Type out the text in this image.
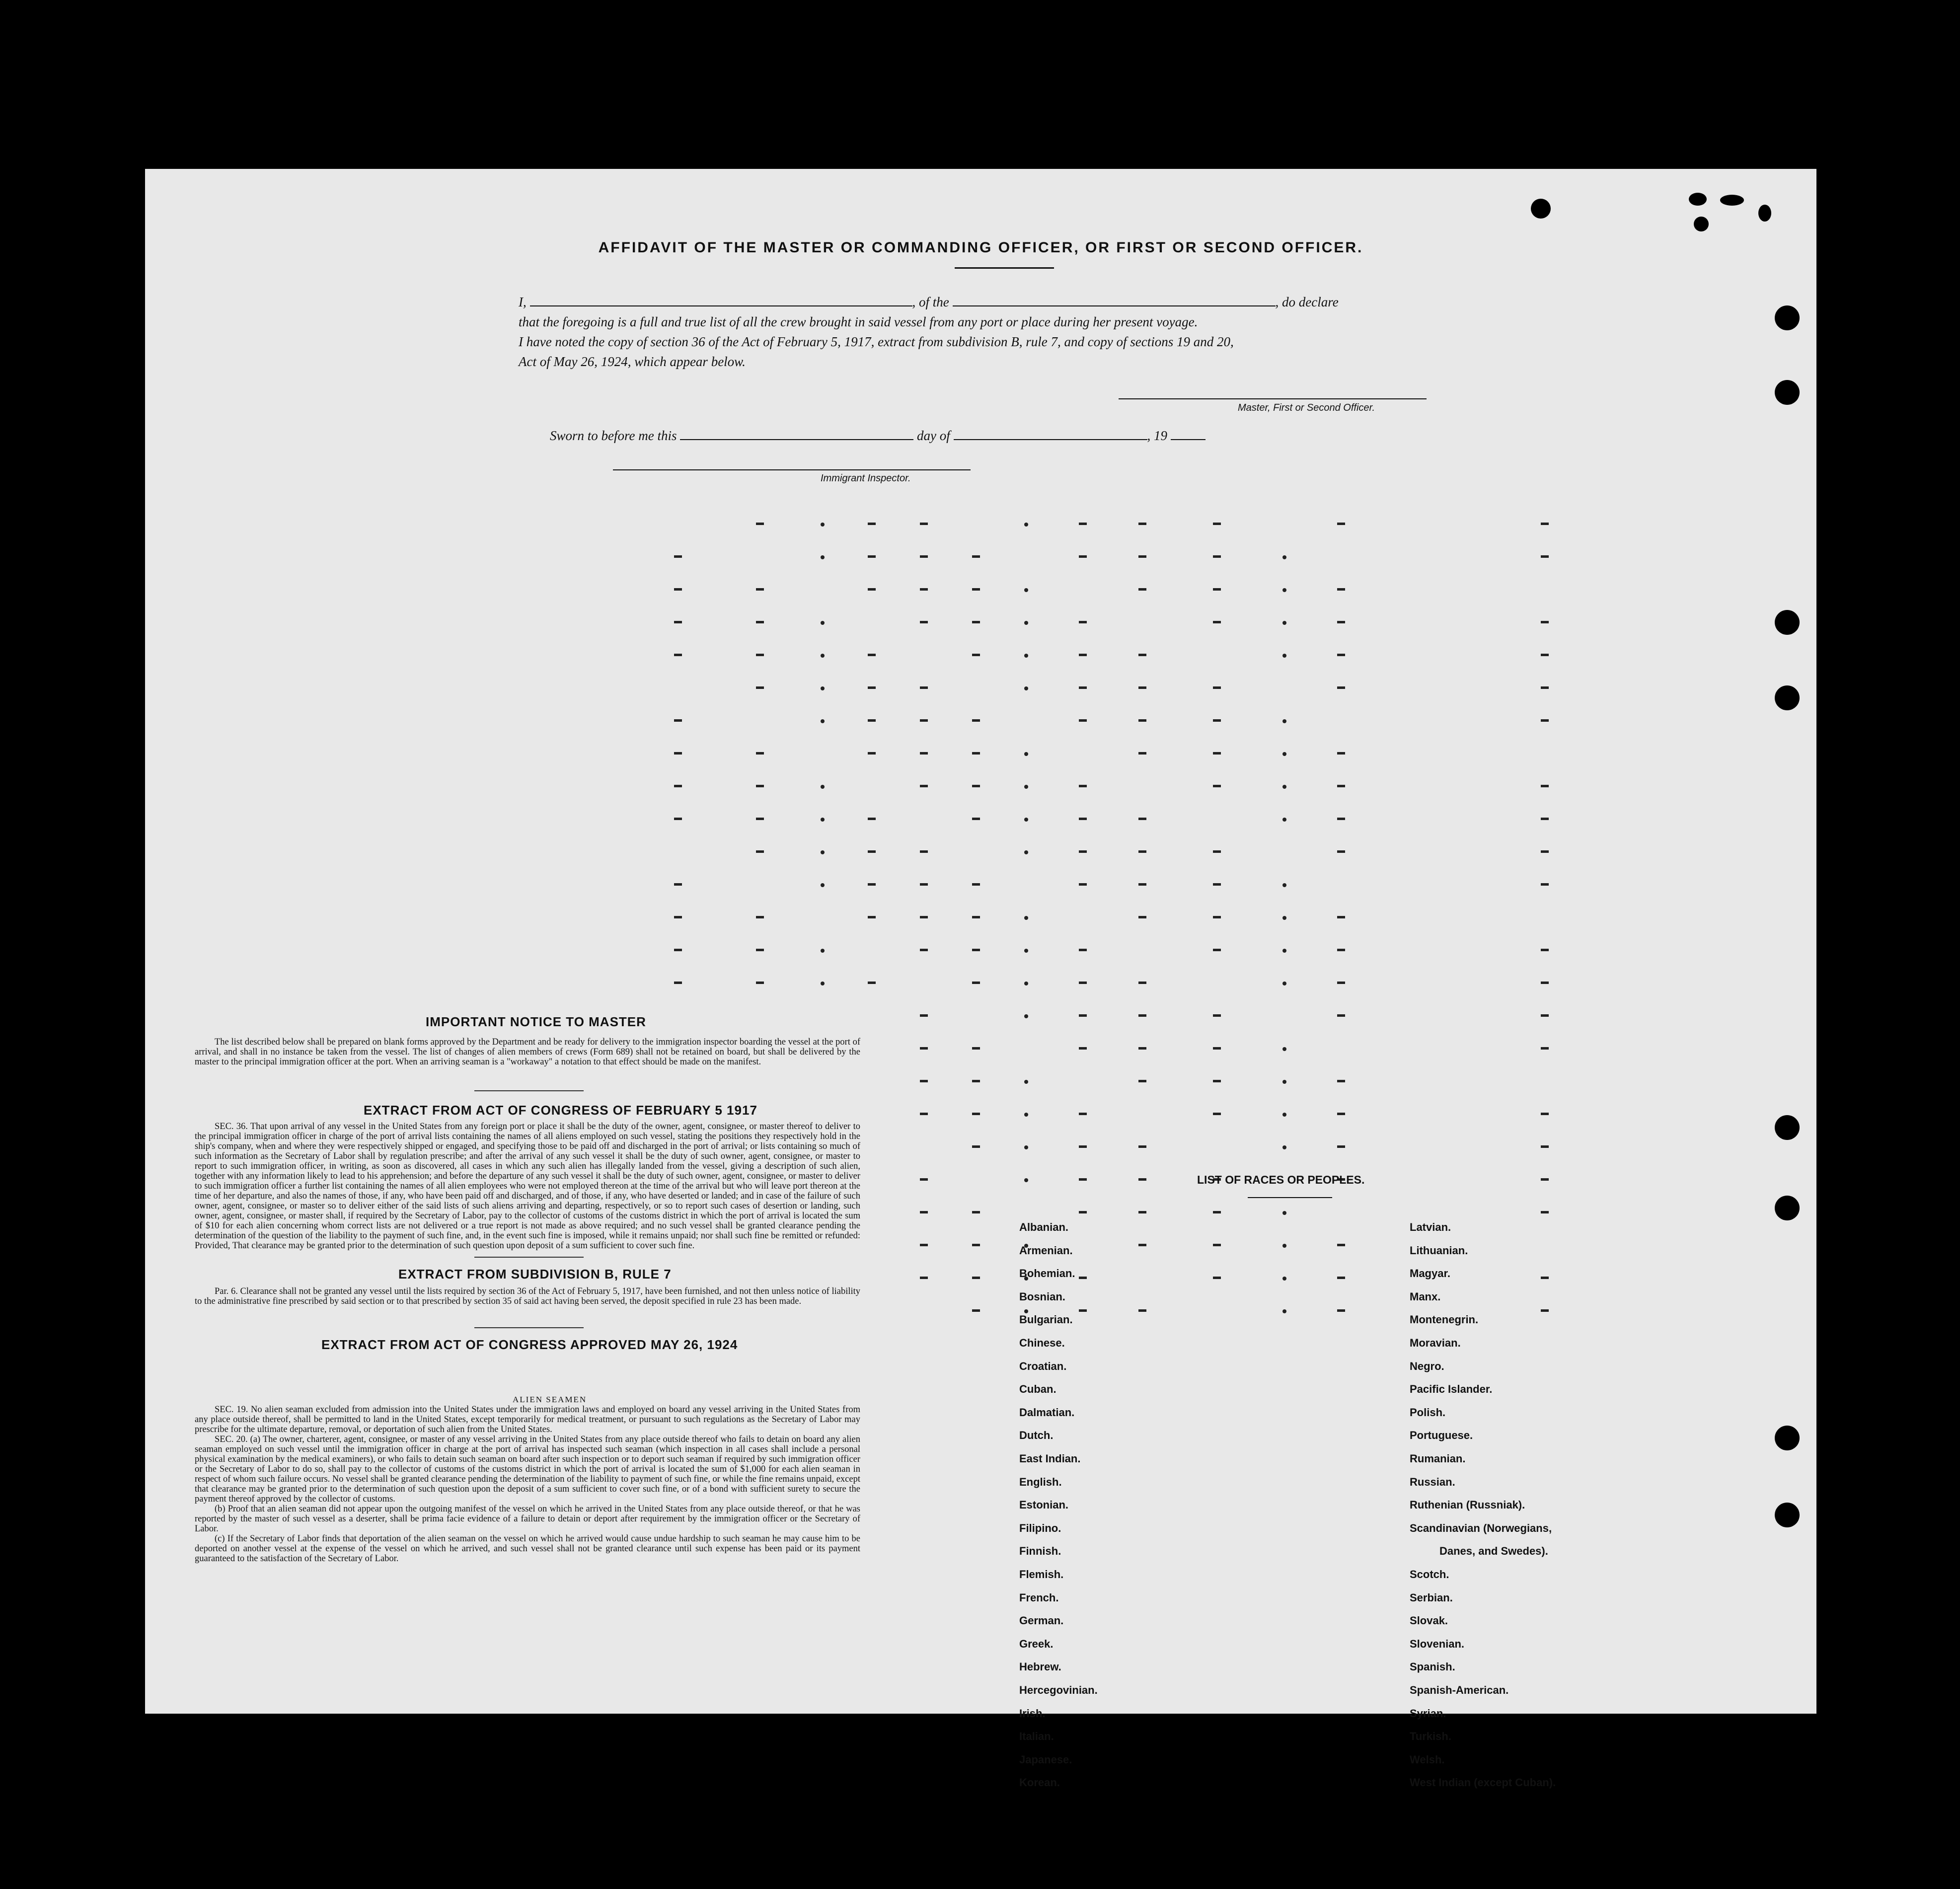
AFFIDAVIT OF THE MASTER OR COMMANDING OFFICER, OR FIRST OR SECOND OFFICER.
I,	, of the	, do declare
that the foregoing is a full and true list of all the crew brought in said vessel from any port or place during her present voyage.
I have noted the copy of section 36 of the Act of February 5, 1917, extract from subdivision B, rule 7, and copy of sections 19 and 20,
Act of May 26, 1924, which appear below.
Master, First or Second Officer.
Sworn to before me this	day of	, 19
Immigrant Inspector.
IMPORTANT NOTICE TO MASTER

The list described below shall be prepared on blank forms approved by the Department and be ready for delivery to the immigration inspector boarding the vessel at the port of arrival, and shall in no instance be taken from the vessel. The list of changes of alien members of crews (Form 689) shall not be retained on board, but shall be delivered by the master to the principal immigration officer at the port. When an arriving seaman is a "workaway" a notation to that effect should be made on the manifest.

EXTRACT FROM ACT OF CONGRESS OF FEBRUARY 5 1917

SEC. 36. That upon arrival of any vessel in the United States from any foreign port or place it shall be the duty of the owner, agent, consignee, or master thereof to deliver to the principal immigration officer in charge of the port of arrival lists containing the names of all aliens employed on such vessel, stating the positions they respectively hold in the ship's company, when and where they were respectively shipped or engaged, and specifying those to be paid off and discharged in the port of arrival; or lists containing so much of such information as the Secretary of Labor shall by regulation prescribe; and after the arrival of any such vessel it shall be the duty of such owner, agent, consignee, or master to report to such immigration officer, in writing, as soon as discovered, all cases in which any such alien has illegally landed from the vessel, giving a description of such alien, together with any information likely to lead to his apprehension; and before the departure of any such vessel it shall be the duty of such owner, agent, consignee, or master to deliver to such immigration officer a further list containing the names of all alien employees who were not employed thereon at the time of the arrival but who will leave port thereon at the time of her departure, and also the names of those, if any, who have been paid off and discharged, and of those, if any, who have deserted or landed; and in case of the failure of such owner, agent, consignee, or master so to deliver either of the said lists of such aliens arriving and departing, respectively, or so to report such cases of desertion or landing, such owner, agent, consignee, or master shall, if required by the Secretary of Labor, pay to the collector of customs of the customs district in which the port of arrival is located the sum of $10 for each alien concerning whom correct lists are not delivered or a true report is not made as above required; and no such vessel shall be granted clearance pending the determination of the question of the liability to the payment of such fine, and, in the event such fine is imposed, while it remains unpaid; nor shall such fine be remitted or refunded: Provided, That clearance may be granted prior to the determination of such question upon deposit of a sum sufficient to cover such fine.

EXTRACT FROM SUBDIVISION B, RULE 7

Par. 6. Clearance shall not be granted any vessel until the lists required by section 36 of the Act of February 5, 1917, have been furnished, and not then unless notice of liability to the administrative fine prescribed by said section or to that prescribed by section 35 of said act having been served, the deposit specified in rule 23 has been made.

EXTRACT FROM ACT OF CONGRESS APPROVED MAY 26, 1924
ALIEN SEAMEN

SEC. 19. No alien seaman excluded from admission into the United States under the immigration laws and employed on board any vessel arriving in the United States from any place outside thereof, shall be permitted to land in the United States, except temporarily for medical treatment, or pursuant to such regulations as the Secretary of Labor may prescribe for the ultimate departure, removal, or deportation of such alien from the United States.

SEC. 20. (a) The owner, charterer, agent, consignee, or master of any vessel arriving in the United States from any place outside thereof who fails to detain on board any alien seaman employed on such vessel until the immigration officer in charge at the port of arrival has inspected such seaman (which inspection in all cases shall include a personal physical examination by the medical examiners), or who fails to detain such seaman on board after such inspection or to deport such seaman if required by such immigration officer or the Secretary of Labor to do so, shall pay to the collector of customs of the customs district in which the port of arrival is located the sum of $1,000 for each alien seaman in respect of whom such failure occurs. No vessel shall be granted clearance pending the determination of the liability to payment of such fine, or while the fine remains unpaid, except that clearance may be granted prior to the determination of such question upon the deposit of a sum sufficient to cover such fine, or of a bond with sufficient surety to secure the payment thereof approved by the collector of customs.

(b) Proof that an alien seaman did not appear upon the outgoing manifest of the vessel on which he arrived in the United States from any place outside thereof, or that he was reported by the master of such vessel as a deserter, shall be prima facie evidence of a failure to detain or deport after requirement by the immigration officer or the Secretary of Labor.

(c) If the Secretary of Labor finds that deportation of the alien seaman on the vessel on which he arrived would cause undue hardship to such seaman he may cause him to be deported on another vessel at the expense of the vessel on which he arrived, and such vessel shall not be granted clearance until such expense has been paid or its payment guaranteed to the satisfaction of the Secretary of Labor.

LIST OF RACES OR PEOPLES.
Albanian.
Armenian.
Bohemian.
Bosnian.
Bulgarian.
Chinese.
Croatian.
Cuban.
Dalmatian.
Dutch.
East Indian.
English.
Estonian.
Filipino.
Finnish.
Flemish.
French.
German.
Greek.
Hebrew.
Hercegovinian.
Irish.
Italian.
Japanese.
Korean.
Latvian.
Lithuanian.
Magyar.
Manx.
Montenegrin.
Moravian.
Negro.
Pacific Islander.
Polish.
Portuguese.
Rumanian.
Russian.
Ruthenian (Russniak).
Scandinavian (Norwegians,
Danes, and Swedes).
Scotch.
Serbian.
Slovak.
Slovenian.
Spanish.
Spanish-American.
Syrian.
Turkish.
Welsh.
West Indian (except Cuban).
